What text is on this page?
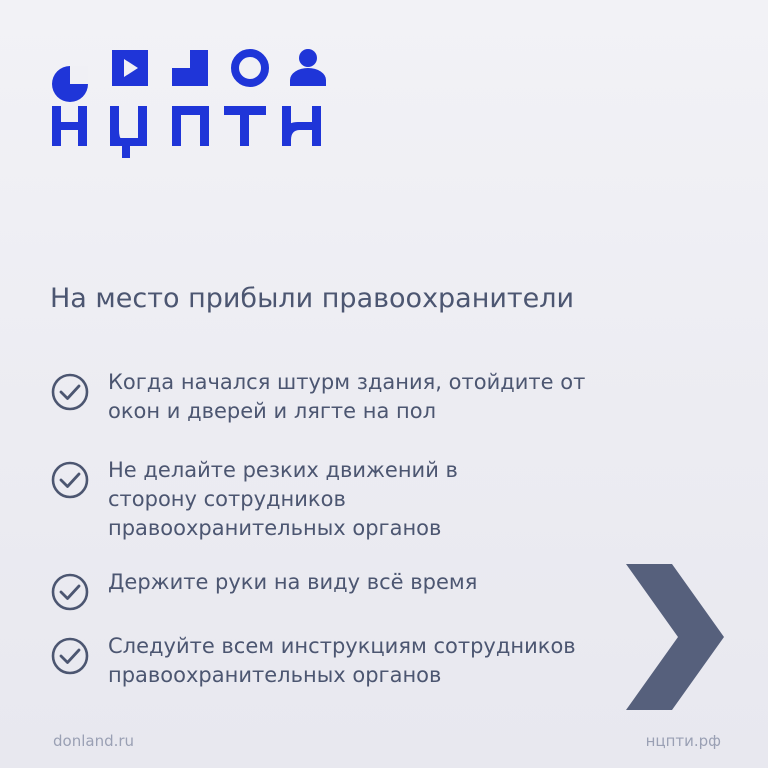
На место прибыли правоохранители
Когда начался штурм здания, отойдите от окон и дверей и лягте на пол
Не делайте резких движений в сторону сотрудников правоохранительных органов
Держите руки на виду всё время
Следуйте всем инструкциям сотрудников правоохранительных органов
donland.ru	нцпти.рф
